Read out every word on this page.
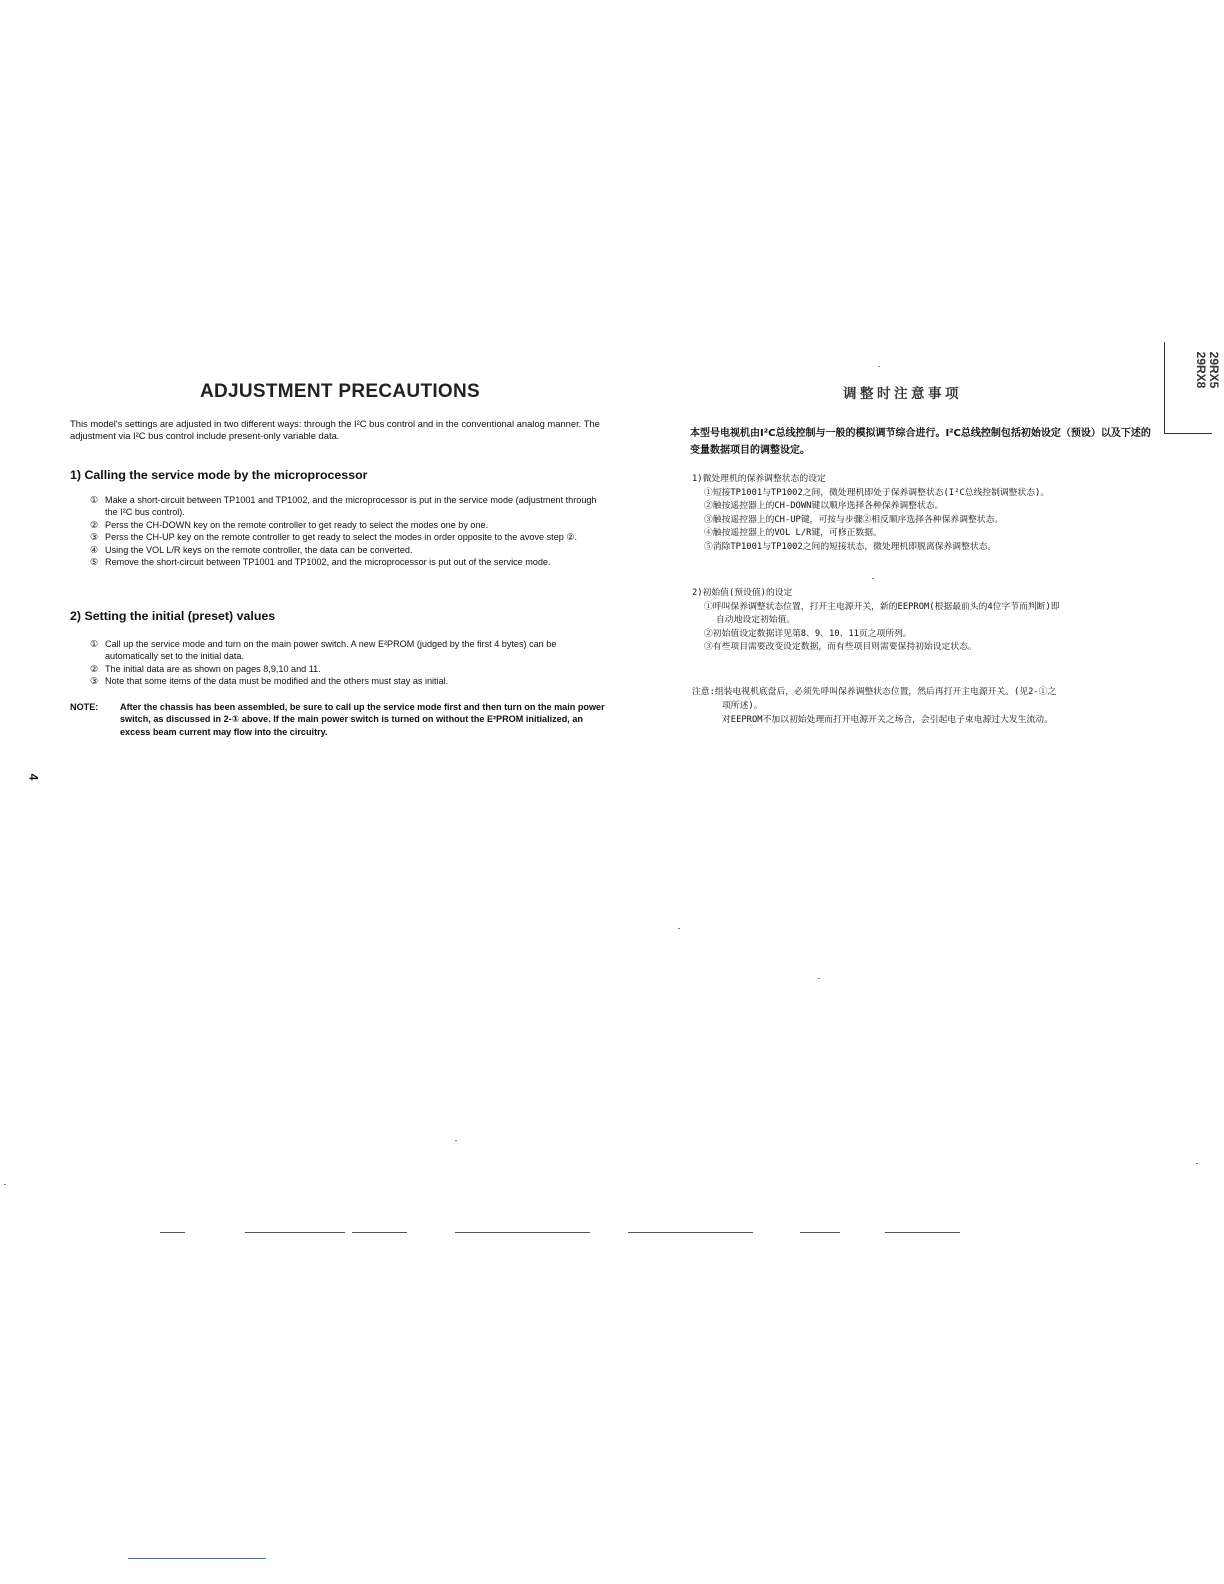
ADJUSTMENT PRECAUTIONS
This model's settings are adjusted in two different ways: through the I²C bus control and in the conventional analog manner. The adjustment via I²C bus control include present-only variable data.
1) Calling the service mode by the microprocessor
① Make a short-circuit between TP1001 and TP1002, and the microprocessor is put in the service mode (adjustment through the I²C bus control).
② Perss the CH-DOWN key on the remote controller to get ready to select the modes one by one.
③ Perss the CH-UP key on the remote controller to get ready to select the modes in order opposite to the avove step ②.
④ Using the VOL L/R keys on the remote controller, the data can be converted.
⑤ Remove the short-circuit between TP1001 and TP1002, and the microprocessor is put out of the service mode.
2) Setting the initial (preset) values
① Call up the service mode and turn on the main power switch. A new E²PROM (judged by the first 4 bytes) can be automatically set to the initial data.
② The initial data are as shown on pages 8,9,10 and 11.
③ Note that some items of the data must be modified and the others must stay as initial.
NOTE:	After the chassis has been assembled, be sure to call up the service mode first and then turn on the main power switch, as discussed in 2-① above. If the main power switch is turned on without the E²PROM initialized, an excess beam current may flow into the circuitry.
4
调整时注意事项
本型号电视机由I²C总线控制与一般的模拟调节综合进行。I²C总线控制包括初始设定（预设）以及下述的变量数据项目的调整设定。
1)微处理机的保养调整状态的设定
①短接TP1001与TP1002之间，微处理机即处于保养调整状态(I²C总线控制调整状态)。
②触按遥控器上的CH-DOWN键以顺序选择各种保养调整状态。
③触按遥控器上的CH-UP键，可按与步骤②相反顺序选择各种保养调整状态。
④触按遥控器上的VOL L/R键，可修正数据。
⑤消除TP1001与TP1002之间的短接状态，微处理机即脱离保养调整状态。
2)初始值(预设值)的设定
①呼叫保养调整状态位置，打开主电源开关，新的EEPROM(根据最前头的4位字节而判断)即
自动地设定初始值。
②初始值设定数据详见第8、9、10、11页之项所列。
③有些项目需要改变设定数据，而有些项目则需要保持初始设定状态。
注意:组装电视机底盘后，必须先呼叫保养调整状态位置，然后再打开主电源开关。(见2-①之
项所述)。
对EEPROM不加以初始处理而打开电源开关之场合，会引起电子束电源过大发生流动。
29RX5
29RX8
